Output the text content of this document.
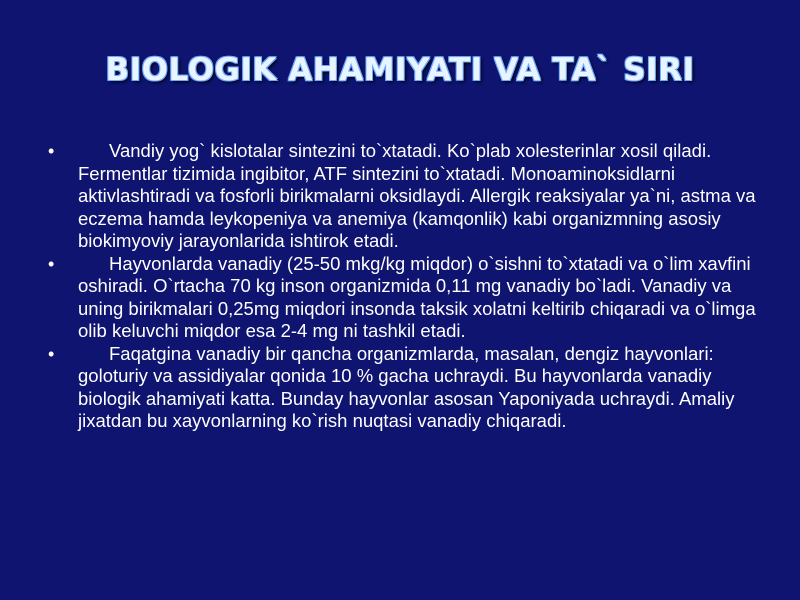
BIOLOGIK AHAMIYATI VA TA` SIRI
•	Vandiy yog` kislotalar sintezini to`xtatadi. Ko`plab xolesterinlar xosil qiladi. Fermentlar tizimida ingibitor, ATF sintezini to`xtatadi. Monoaminoksidlarni aktivlashtiradi va fosforli birikmalarni oksidlaydi. Allergik reaksiyalar ya`ni, astma va eczema hamda leykopeniya va anemiya (kamqonlik) kabi organizmning asosiy biokimyoviy jarayonlarida ishtirok etadi.
•	Hayvonlarda vanadiy (25-50 mkg/kg miqdor) o`sishni to`xtatadi va o`lim xavfini oshiradi. O`rtacha 70 kg inson organizmida 0,11 mg vanadiy bo`ladi. Vanadiy va uning birikmalari 0,25mg miqdori insonda taksik xolatni keltirib chiqaradi va o`limga olib keluvchi miqdor esa 2-4 mg ni tashkil etadi.
•	Faqatgina vanadiy bir qancha organizmlarda, masalan, dengiz hayvonlari: goloturiy va assidiyalar qonida 10 % gacha uchraydi. Bu hayvonlarda vanadiy biologik ahamiyati katta. Bunday hayvonlar asosan Yaponiyada uchraydi. Amaliy jixatdan bu xayvonlarning ko`rish nuqtasi vanadiy chiqaradi.
